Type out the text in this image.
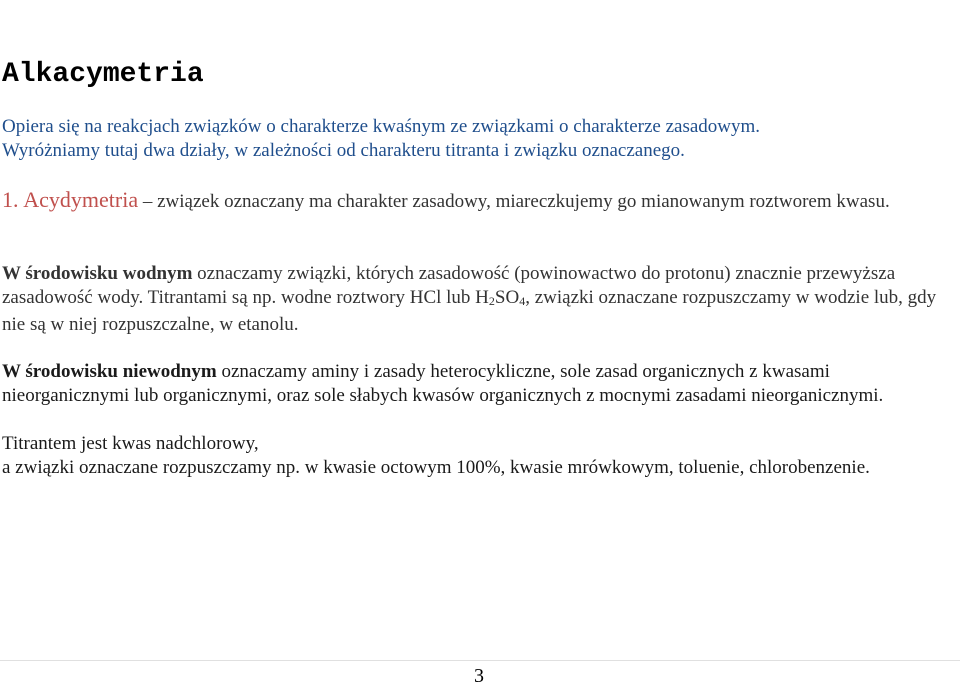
Alkacymetria

Opiera się na reakcjach związków o charakterze kwaśnym ze związkami o charakterze zasadowym.
Wyróżniamy tutaj dwa działy, w zależności od charakteru titranta i związku oznaczanego.

1. Acydymetria – związek oznaczany ma charakter zasadowy, miareczkujemy go mianowanym roztworem kwasu.

W środowisku wodnym oznaczamy związki, których zasadowość (powinowactwo do protonu) znacznie przewyższa zasadowość wody. Titrantami są np. wodne roztwory HCl lub $H_2SO_4$, związki oznaczane rozpuszczamy w wodzie lub, gdy nie są w niej rozpuszczalne, w etanolu.

W środowisku niewodnym oznaczamy aminy i zasady heterocykliczne, sole zasad organicznych z kwasami nieorganicznymi lub organicznymi, oraz sole słabych kwasów organicznych z mocnymi zasadami nieorganicznymi.

Titrantem jest kwas nadchlorowy,

a związki oznaczane rozpuszczamy np. w kwasie octowym 100%, kwasie mrówkowym, toluenie, chlorobenzenie.

3
